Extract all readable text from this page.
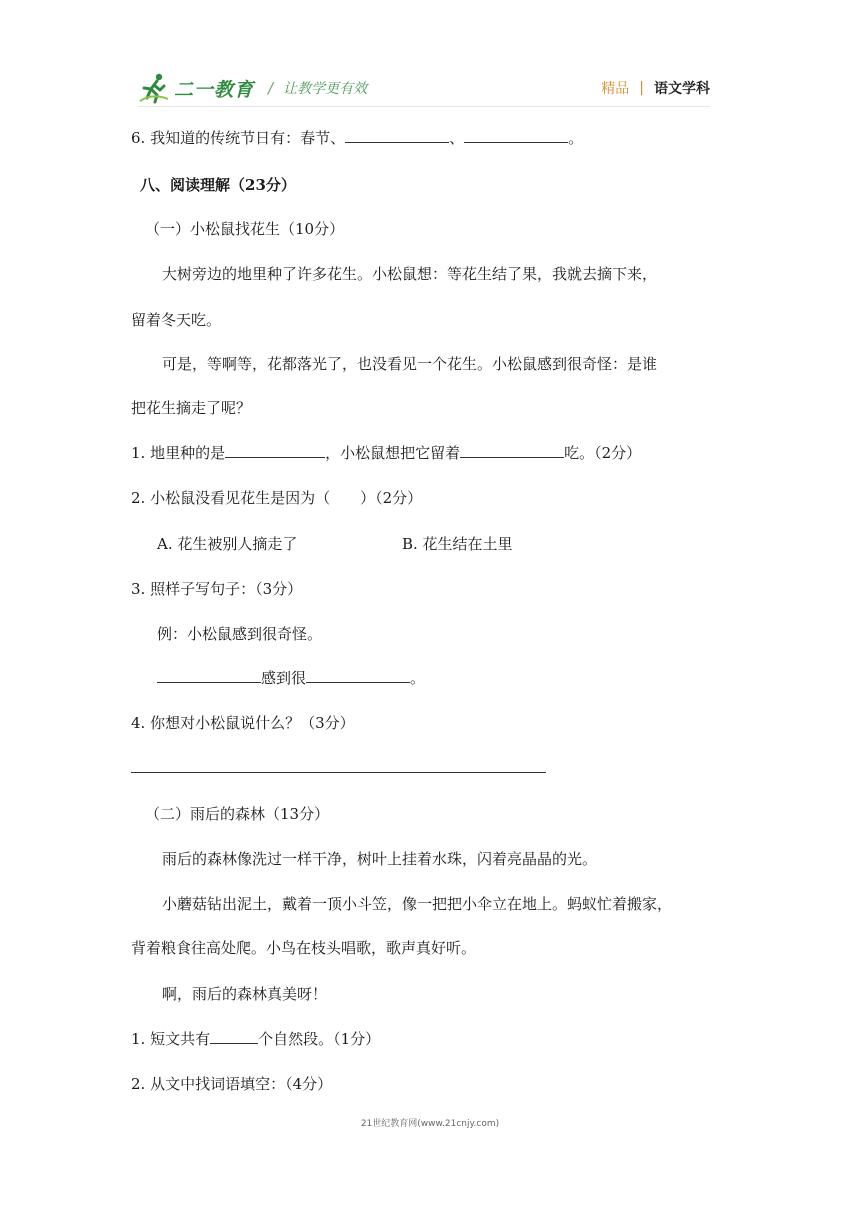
二一教育 / 让教学更有效	精品 | 语文学科
6. 我知道的传统节日有：春节、	、	。
八、阅读理解（23分）
（一）小松鼠找花生（10分）
大树旁边的地里种了许多花生。小松鼠想：等花生结了果，我就去摘下来，
留着冬天吃。
可是，等啊等，花都落光了，也没看见一个花生。小松鼠感到很奇怪：是谁
把花生摘走了呢？
1. 地里种的是	，小松鼠想把它留着	吃。（2分）
2. 小松鼠没看见花生是因为（　　）（2分）
A. 花生被别人摘走了	B. 花生结在土里
3. 照样子写句子：（3分）
例：小松鼠感到很奇怪。
感到很	。
4. 你想对小松鼠说什么？（3分）
（二）雨后的森林（13分）
雨后的森林像洗过一样干净，树叶上挂着水珠，闪着亮晶晶的光。
小蘑菇钻出泥土，戴着一顶小斗笠，像一把把小伞立在地上。蚂蚁忙着搬家，
背着粮食往高处爬。小鸟在枝头唱歌，歌声真好听。
啊，雨后的森林真美呀！
1. 短文共有	个自然段。（1分）
2. 从文中找词语填空：（4分）
21世纪教育网(www.21cnjy.com)
